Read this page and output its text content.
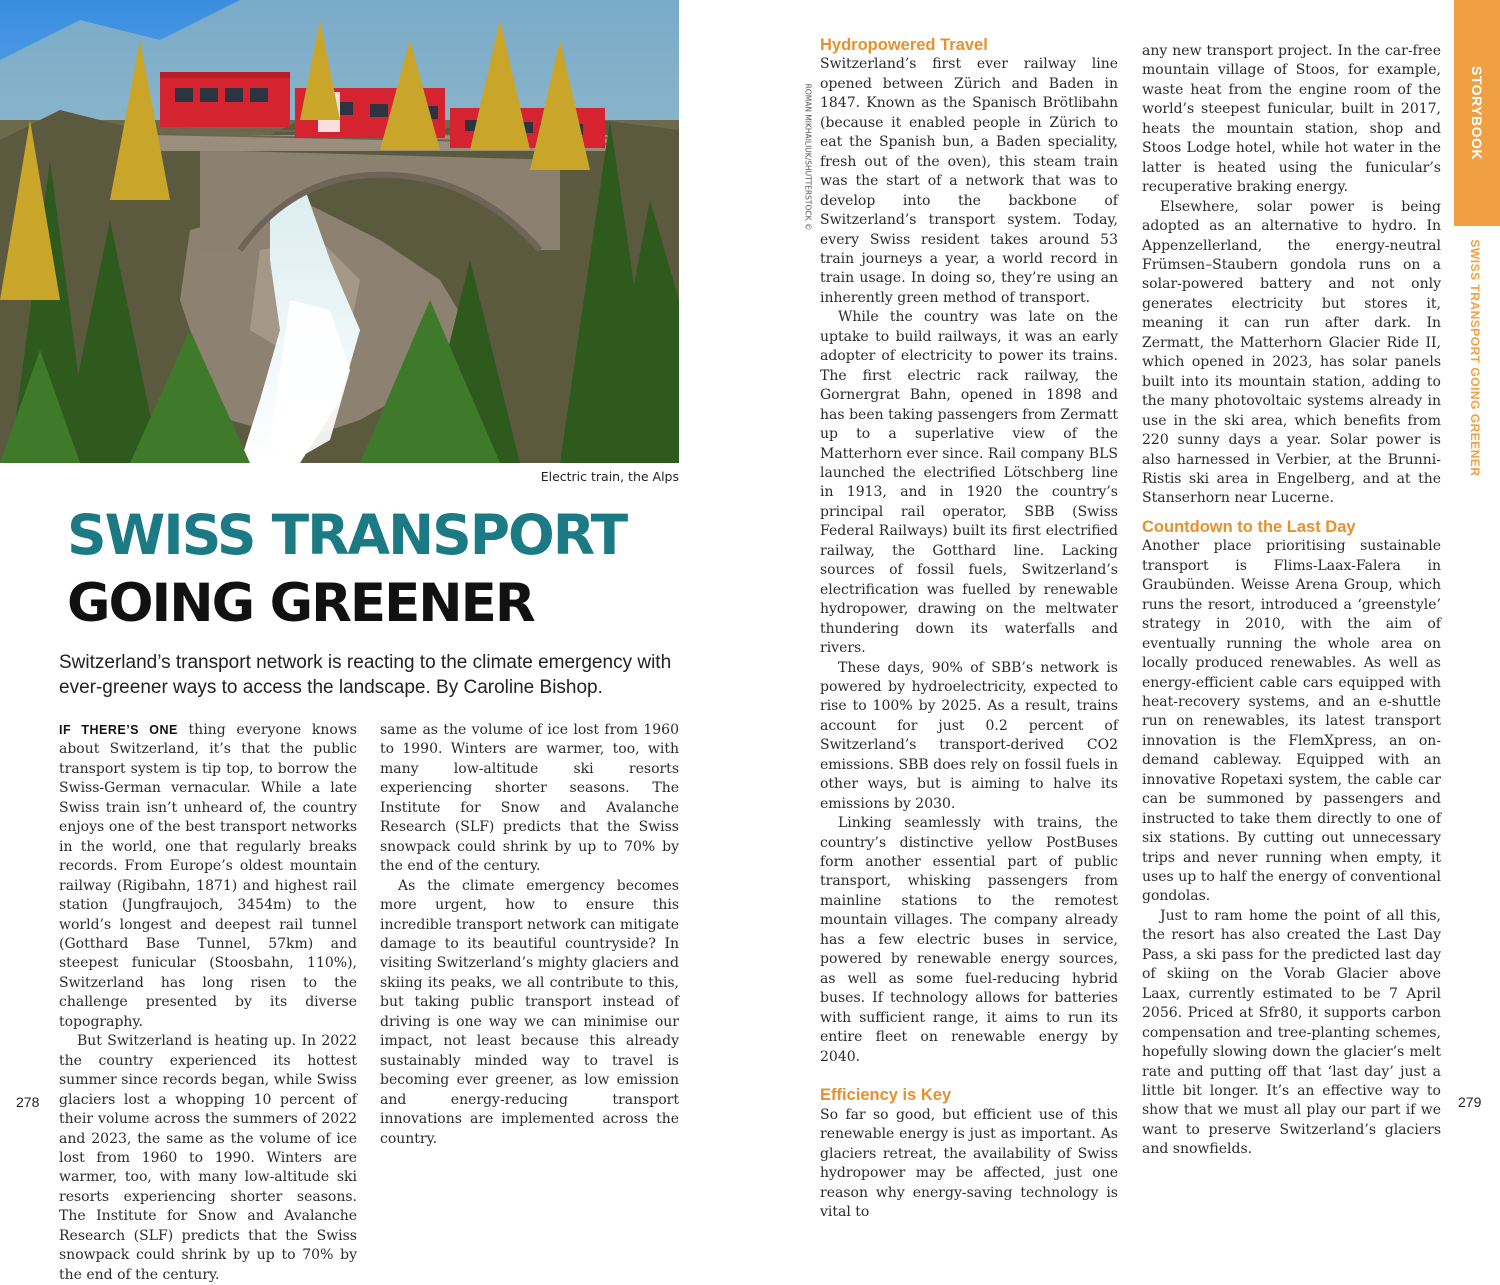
STORYBOOK
SWISS TRANSPORT GOING GREENER
Electric train, the Alps
ROMAN MIKHAILIUK/SHUTTERSTOCK ©
SWISS TRANSPORT
GOING GREENER

Switzerland’s transport network is reacting to the climate emergency with ever-greener ways to access the landscape. By Caroline Bishop.

IF THERE’S ONE thing everyone knows about Switzerland, it’s that the public transport system is tip top, to borrow the Swiss-German vernacular. While a late Swiss train isn’t unheard of, the country enjoys one of the best transport networks in the world, one that regularly breaks records. From Europe’s oldest mountain railway (Rigibahn, 1871) and highest rail station (Jungfraujoch, 3454m) to the world’s longest and deepest rail tunnel (Gotthard Base Tunnel, 57km) and steepest funicular (Stoosbahn, 110%), Switzerland has long risen to the challenge presented by its diverse topography.

But Switzerland is heating up. In 2022 the country experienced its hottest summer since records began, while Swiss glaciers lost a whopping 10 percent of their volume across the summers of 2022 and 2023, the same as the volume of ice lost from 1960 to 1990. Winters are warmer, too, with many low-altitude ski resorts experiencing shorter seasons. The Institute for Snow and Avalanche Research (SLF) predicts that the Swiss snowpack could shrink by up to 70% by the end of the century.

same as the volume of ice lost from 1960 to 1990. Winters are warmer, too, with many low-altitude ski resorts experiencing shorter seasons. The Institute for Snow and Avalanche Research (SLF) predicts that the Swiss snowpack could shrink by up to 70% by the end of the century.

As the climate emergency becomes more urgent, how to ensure this incredible transport network can mitigate damage to its beautiful countryside? In visiting Switzerland’s mighty glaciers and skiing its peaks, we all contribute to this, but taking public transport instead of driving is one way we can minimise our impact, not least because this already sustainably minded way to travel is becoming ever greener, as low emission and energy-reducing transport innovations are implemented across the country.

Hydropowered Travel

Switzerland’s first ever railway line opened between Zürich and Baden in 1847. Known as the Spanisch Brötlibahn (because it enabled people in Zürich to eat the Spanish bun, a Baden speciality, fresh out of the oven), this steam train was the start of a network that was to develop into the backbone of Switzerland’s transport system. Today, every Swiss resident takes around 53 train journeys a year, a world record in train usage. In doing so, they’re using an inherently green method of transport.

While the country was late on the uptake to build railways, it was an early adopter of electricity to power its trains. The first electric rack railway, the Gornergrat Bahn, opened in 1898 and has been taking passengers from Zermatt up to a superlative view of the Matterhorn ever since. Rail company BLS launched the electrified Lötschberg line in 1913, and in 1920 the country’s principal rail operator, SBB (Swiss Federal Railways) built its first electrified railway, the Gotthard line. Lacking sources of fossil fuels, Switzerland’s electrification was fuelled by renewable hydropower, drawing on the meltwater thundering down its waterfalls and rivers.

These days, 90% of SBB’s network is powered by hydroelectricity, expected to rise to 100% by 2025. As a result, trains account for just 0.2 percent of Switzerland’s transport-derived CO2 emissions. SBB does rely on fossil fuels in other ways, but is aiming to halve its emissions by 2030.

Linking seamlessly with trains, the country’s distinctive yellow PostBuses form another essential part of public transport, whisking passengers from mainline stations to the remotest mountain villages. The company already has a few electric buses in service, powered by renewable energy sources, as well as some fuel-reducing hybrid buses. If technology allows for batteries with sufficient range, it aims to run its entire fleet on renewable energy by 2040.

Efficiency is Key

So far so good, but efficient use of this renewable energy is just as important. As glaciers retreat, the availability of Swiss hydropower may be affected, just one reason why energy-saving technology is vital to

any new transport project. In the car-free mountain village of Stoos, for example, waste heat from the engine room of the world’s steepest funicular, built in 2017, heats the mountain station, shop and Stoos Lodge hotel, while hot water in the latter is heated using the funicular’s recuperative braking energy.

Elsewhere, solar power is being adopted as an alternative to hydro. In Appenzellerland, the energy-neutral Frümsen–Staubern gondola runs on a solar-powered battery and not only generates electricity but stores it, meaning it can run after dark. In Zermatt, the Matterhorn Glacier Ride II, which opened in 2023, has solar panels built into its mountain station, adding to the many photovoltaic systems already in use in the ski area, which benefits from 220 sunny days a year. Solar power is also harnessed in Verbier, at the Brunni-Ristis ski area in Engelberg, and at the Stanserhorn near Lucerne.

Countdown to the Last Day

Another place prioritising sustainable transport is Flims-Laax-Falera in Graubünden. Weisse Arena Group, which runs the resort, introduced a ‘greenstyle’ strategy in 2010, with the aim of eventually running the whole area on locally produced renewables. As well as energy-efficient cable cars equipped with heat-recovery systems, and an e-shuttle run on renewables, its latest transport innovation is the FlemXpress, an on-demand cableway. Equipped with an innovative Ropetaxi system, the cable car can be summoned by passengers and instructed to take them directly to one of six stations. By cutting out unnecessary trips and never running when empty, it uses up to half the energy of conventional gondolas.

Just to ram home the point of all this, the resort has also created the Last Day Pass, a ski pass for the predicted last day of skiing on the Vorab Glacier above Laax, currently estimated to be 7 April 2056. Priced at Sfr80, it supports carbon compensation and tree-planting schemes, hopefully slowing down the glacier’s melt rate and putting off that ‘last day’ just a little bit longer. It’s an effective way to show that we must all play our part if we want to preserve Switzerland’s glaciers and snowfields.

278	279
